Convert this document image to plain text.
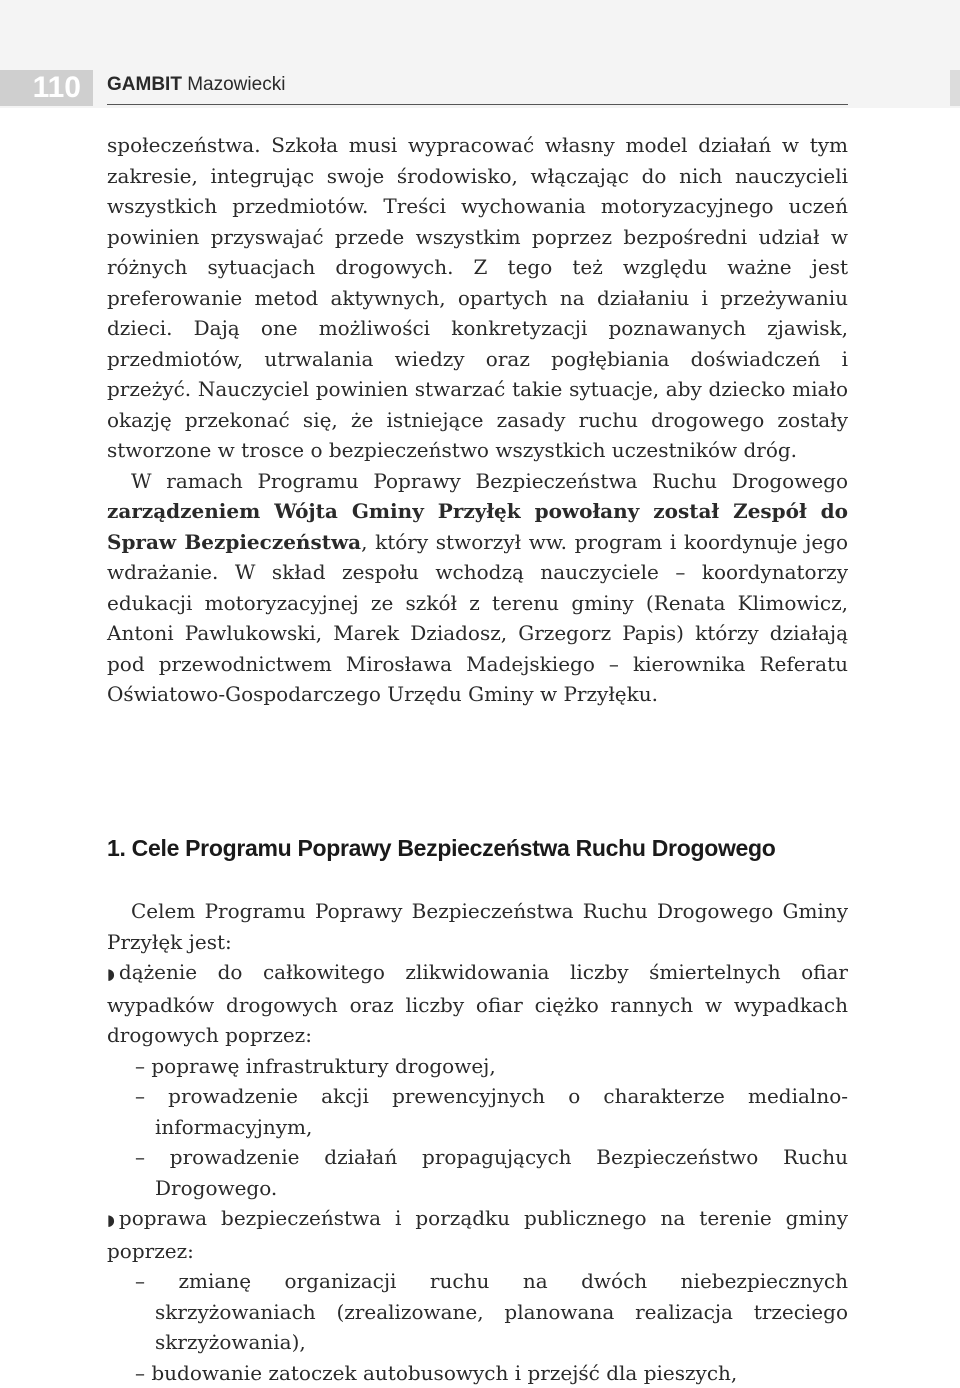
110	GAMBIT Mazowiecki

społeczeństwa. Szkoła musi wypracować własny model działań w tym zakresie, integrując swoje środowisko, włączając do nich nauczycieli wszystkich przedmiotów. Treści wychowania motoryzacyjnego uczeń powinien przyswajać przede wszystkim poprzez bezpośredni udział w różnych sytuacjach drogowych. Z tego też względu ważne jest preferowanie metod aktywnych, opartych na działaniu i przeżywaniu dzieci. Dają one możliwości konkretyzacji poznawanych zjawisk, przedmiotów, utrwalania wiedzy oraz pogłębiania doświadczeń i przeżyć. Nauczyciel powinien stwarzać takie sytuacje, aby dziecko miało okazję przekonać się, że istniejące zasady ruchu drogowego zostały stworzone w trosce o bezpieczeństwo wszystkich uczestników dróg.

W ramach Programu Poprawy Bezpieczeństwa Ruchu Drogowego zarządzeniem Wójta Gminy Przyłęk powołany został Zespół do Spraw Bezpieczeństwa, który stworzył ww. program i koordynuje jego wdrażanie. W skład zespołu wchodzą nauczyciele – koordynatorzy edukacji motoryzacyjnej ze szkół z terenu gminy (Renata Klimowicz, Antoni Pawlukowski, Marek Dziadosz, Grzegorz Papis) którzy działają pod przewodnictwem Mirosława Madejskiego – kierownika Referatu Oświatowo-Gospodarczego Urzędu Gminy w Przyłęku.

1. Cele Programu Poprawy Bezpieczeństwa Ruchu Drogowego

Celem Programu Poprawy Bezpieczeństwa Ruchu Drogowego Gminy Przyłęk jest:

◗ dążenie do całkowitego zlikwidowania liczby śmiertelnych ofiar wypadków drogowych oraz liczby ofiar ciężko rannych w wypadkach drogowych poprzez:

– poprawę infrastruktury drogowej,

– prowadzenie akcji prewencyjnych o charakterze medialno-informacyjnym,

– prowadzenie działań propagujących Bezpieczeństwo Ruchu Drogowego.

◗ poprawa bezpieczeństwa i porządku publicznego na terenie gminy poprzez:

– zmianę organizacji ruchu na dwóch niebezpiecznych skrzyżowaniach (zrealizowane, planowana realizacja trzeciego skrzyżowania),

– budowanie zatoczek autobusowych i przejść dla pieszych,
